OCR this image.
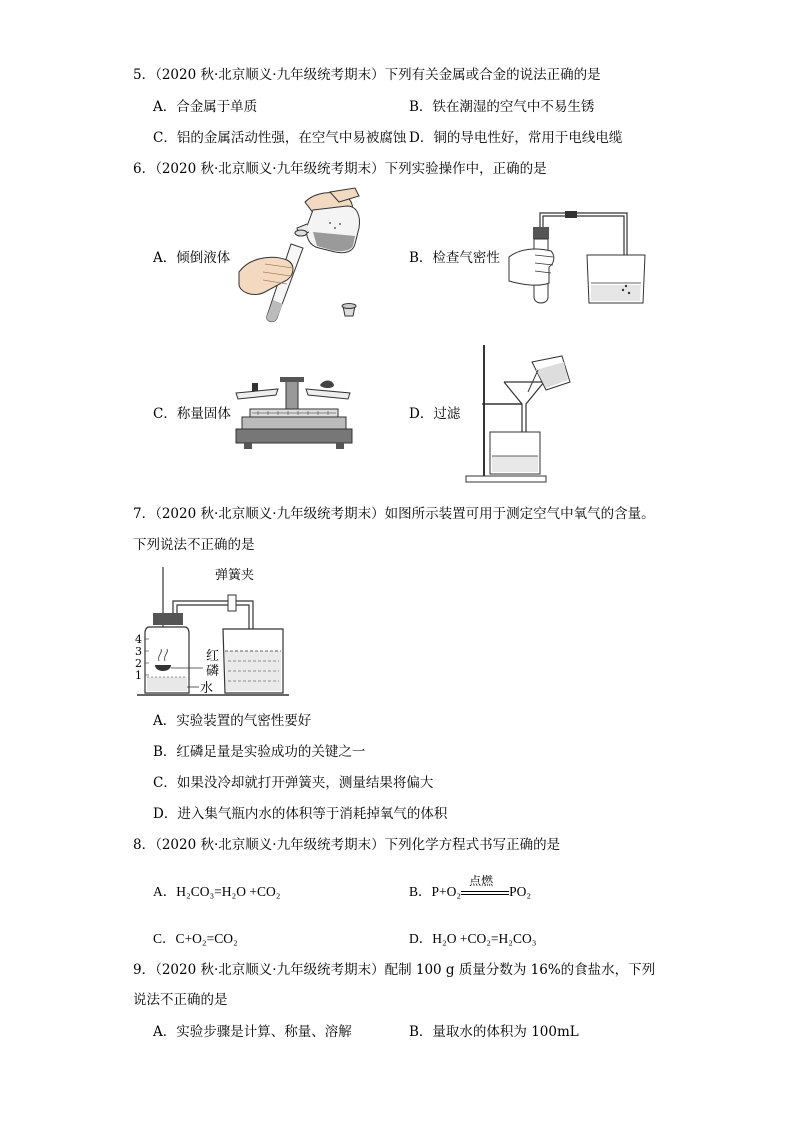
5．（2020 秋·北京顺义·九年级统考期末）下列有关金属或合金的说法正确的是
A．合金属于单质	B．铁在潮湿的空气中不易生锈
C．铝的金属活动性强，在空气中易被腐蚀 D．铜的导电性好，常用于电线电缆
6．（2020 秋·北京顺义·九年级统考期末）下列实验操作中，正确的是
A．倾倒液体	B．检查气密性
C．称量固体	D．过滤
7．（2020 秋·北京顺义·九年级统考期末）如图所示装置可用于测定空气中氧气的含量。
下列说法不正确的是
弹簧夹
4
3
2
1
红
磷
水
A．实验装置的气密性要好
B．红磷足量是实验成功的关键之一
C．如果没冷却就打开弹簧夹，测量结果将偏大
D．进入集气瓶内水的体积等于消耗掉氧气的体积
8．（2020 秋·北京顺义·九年级统考期末）下列化学方程式书写正确的是
A．H₂CO₃=H₂O +CO₂	B．P+O₂
点燃
PO₂
C．C+O₂=CO₂	D．H₂O +CO₂=H₂CO₃
9．（2020 秋·北京顺义·九年级统考期末）配制 100 g 质量分数为 16%的食盐水，下列
说法不正确的是
A．实验步骤是计算、称量、溶解	B．量取水的体积为 100mL
